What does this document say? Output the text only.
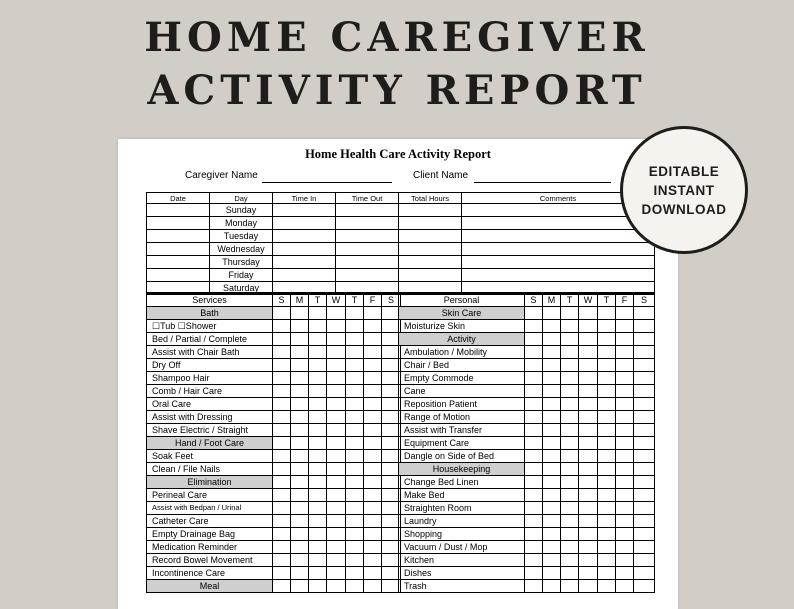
HOME CAREGIVER
ACTIVITY REPORT
Home Health Care Activity Report
Caregiver Name	Client Name
Date	Day	Time In	Time Out	Total Hours	Comments
	Sunday				
	Monday				
	Tuesday				
	Wednesday				
	Thursday				
	Friday				
	Saturday				
Services	S	M	T	W	T	F	S
Bath							
☐Tub ☐Shower							
Bed / Partial / Complete							
Assist with Chair Bath							
Dry Off							
Shampoo Hair							
Comb / Hair Care							
Oral Care							
Assist with Dressing							
Shave Electric / Straight							
Hand / Foot Care							
Soak Feet							
Clean / File Nails							
Elimination							
Perineal Care							
Assist with Bedpan / Urinal							
Catheter Care							
Empty Drainage Bag							
Medication Reminder							
Record Bowel Movement							
Incontinence Care							
Meal							
Personal	S	M	T	W	T	F	S
Skin Care							
Moisturize Skin							
Activity							
Ambulation / Mobility							
Chair / Bed							
Empty Commode							
Cane							
Reposition Patient							
Range of Motion							
Assist with Transfer							
Equipment Care							
Dangle on Side of Bed							
Housekeeping							
Change Bed Linen							
Make Bed							
Straighten Room							
Laundry							
Shopping							
Vacuum / Dust / Mop							
Kitchen							
Dishes							
Trash							
EDITABLE
INSTANT
DOWNLOAD
